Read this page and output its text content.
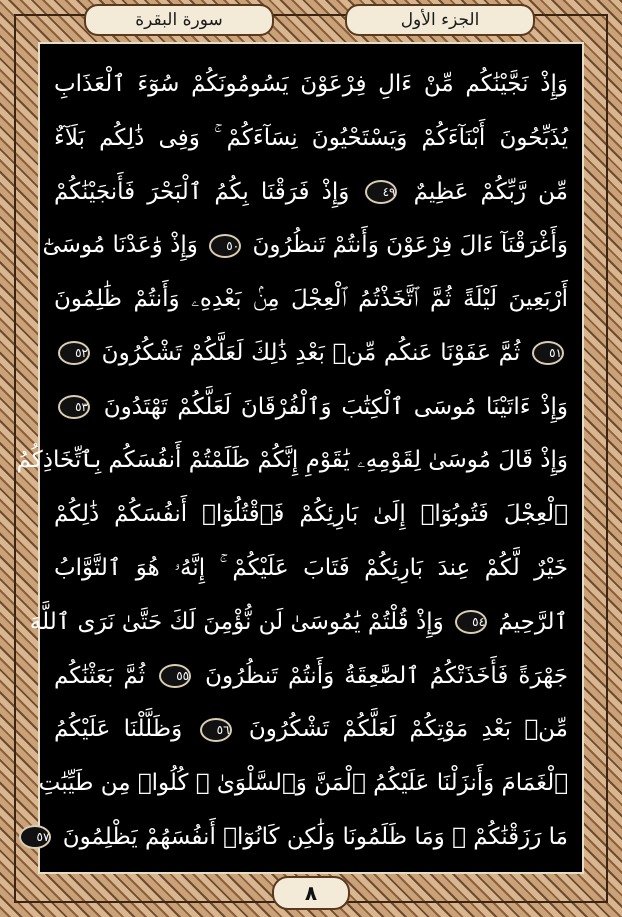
سورة البقرة	الجزء الأول
وَإِذْ نَجَّيْنَٰكُم مِّنْ ءَالِ فِرْعَوْنَ يَسُومُونَكُمْ سُوٓءَ ٱلْعَذَابِ
يُذَبِّحُونَ أَبْنَآءَكُمْ وَيَسْتَحْيُونَ نِسَآءَكُمْ ۚ وَفِى ذَٰلِكُم بَلَآءٌ
مِّن رَّبِّكُمْ عَظِيمٌ ٤٩ وَإِذْ فَرَقْنَا بِكُمُ ٱلْبَحْرَ فَأَنجَيْنَٰكُمْ
وَأَغْرَقْنَآ ءَالَ فِرْعَوْنَ وَأَنتُمْ تَنظُرُونَ ٥٠ وَإِذْ وَٰعَدْنَا مُوسَىٰٓ
أَرْبَعِينَ لَيْلَةً ثُمَّ ٱتَّخَذْتُمُ ٱلْعِجْلَ مِنۢ بَعْدِهِۦ وَأَنتُمْ ظَٰلِمُونَ
٥١ ثُمَّ عَفَوْنَا عَنكُم مِّنۢ بَعْدِ ذَٰلِكَ لَعَلَّكُمْ تَشْكُرُونَ ٥٢
وَإِذْ ءَاتَيْنَا مُوسَى ٱلْكِتَٰبَ وَٱلْفُرْقَانَ لَعَلَّكُمْ تَهْتَدُونَ ٥٣
وَإِذْ قَالَ مُوسَىٰ لِقَوْمِهِۦ يَٰقَوْمِ إِنَّكُمْ ظَلَمْتُمْ أَنفُسَكُم بِٱتِّخَاذِكُمُ
ٱلْعِجْلَ فَتُوبُوٓا۟ إِلَىٰ بَارِئِكُمْ فَٱقْتُلُوٓا۟ أَنفُسَكُمْ ذَٰلِكُمْ
خَيْرٌ لَّكُمْ عِندَ بَارِئِكُمْ فَتَابَ عَلَيْكُمْ ۚ إِنَّهُۥ هُوَ ٱلتَّوَّابُ
ٱلرَّحِيمُ ٥٤ وَإِذْ قُلْتُمْ يَٰمُوسَىٰ لَن نُّؤْمِنَ لَكَ حَتَّىٰ نَرَى ٱللَّهَ
جَهْرَةً فَأَخَذَتْكُمُ ٱلصَّٰعِقَةُ وَأَنتُمْ تَنظُرُونَ ٥٥ ثُمَّ بَعَثْنَٰكُم
مِّنۢ بَعْدِ مَوْتِكُمْ لَعَلَّكُمْ تَشْكُرُونَ ٥٦ وَظَلَّلْنَا عَلَيْكُمُ
ٱلْغَمَامَ وَأَنزَلْنَا عَلَيْكُمُ ٱلْمَنَّ وَٱلسَّلْوَىٰ ۖ كُلُوا۟ مِن طَيِّبَٰتِ
مَا رَزَقْنَٰكُمْ ۖ وَمَا ظَلَمُونَا وَلَٰكِن كَانُوٓا۟ أَنفُسَهُمْ يَظْلِمُونَ ٥٧
٨
